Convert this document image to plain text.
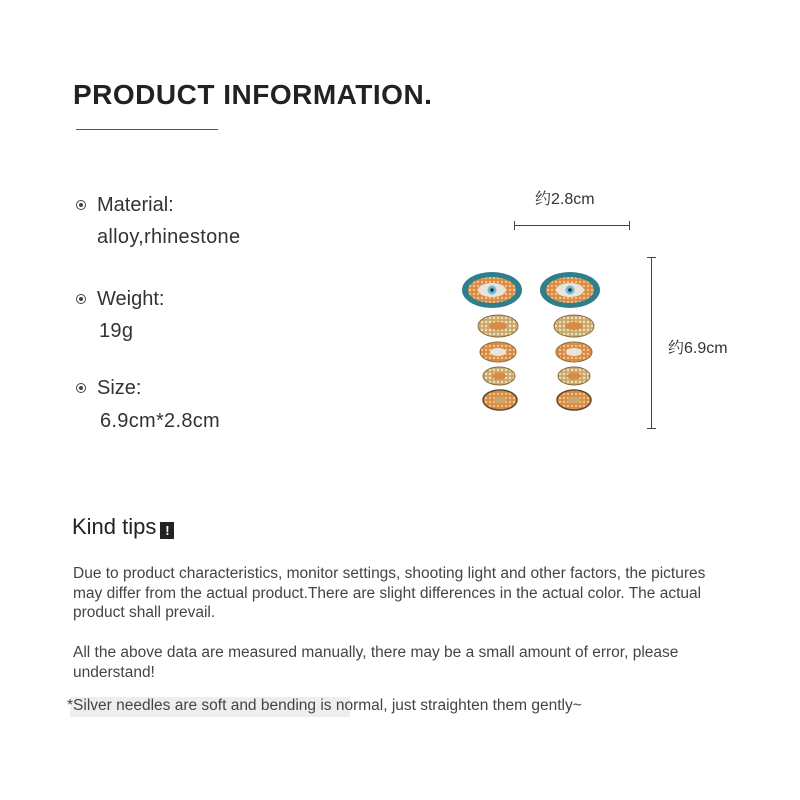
PRODUCT INFORMATION.
Material:
alloy,rhinestone
Weight:
19g
Size:
6.9cm*2.8cm
约2.8cm
约6.9cm
Kind tips !

Due to product characteristics, monitor settings, shooting light and other factors, the pictures may differ from the actual product.There are slight differences in the actual color. The actual product shall prevail.

All the above data are measured manually, there may be a small amount of error, please understand!

*Silver needles are soft and bending is normal, just straighten them gently~
